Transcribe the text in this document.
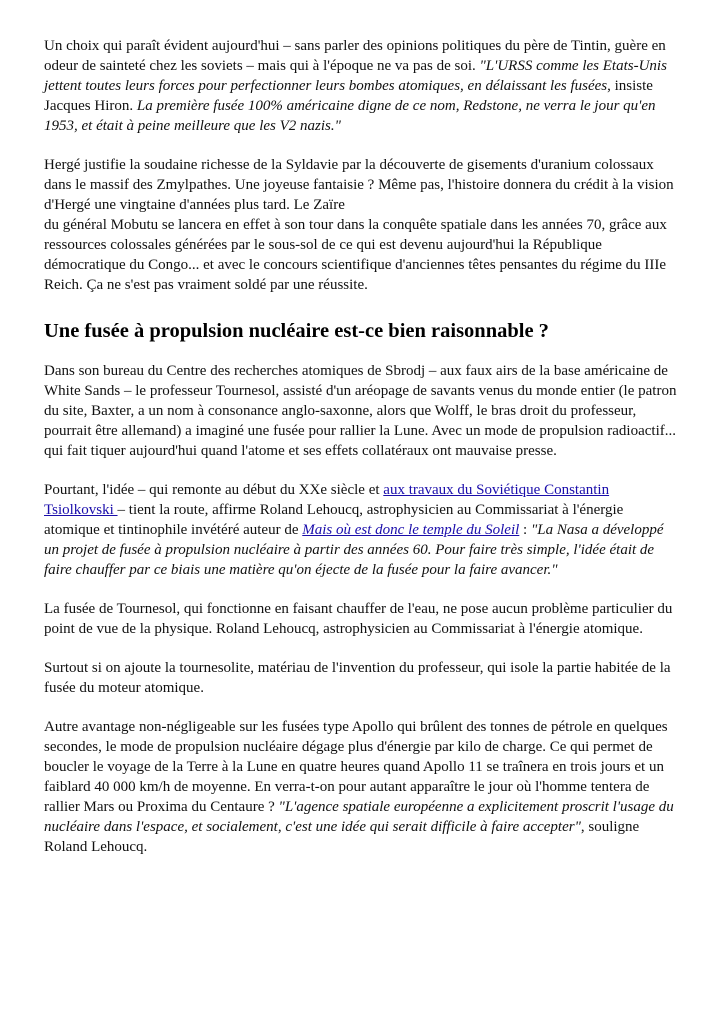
Un choix qui paraît évident aujourd'hui – sans parler des opinions politiques du père de Tintin, guère en odeur de sainteté chez les soviets – mais qui à l'époque ne va pas de soi. "L'URSS comme les Etats-Unis jettent toutes leurs forces pour perfectionner leurs bombes atomiques, en délaissant les fusées, insiste Jacques Hiron. La première fusée 100% américaine digne de ce nom, Redstone, ne verra le jour qu'en 1953, et était à peine meilleure que les V2 nazis."

Hergé justifie la soudaine richesse de la Syldavie par la découverte de gisements d'uranium colossaux dans le massif des Zmylpathes. Une joyeuse fantaisie ? Même pas, l'histoire donnera du crédit à la vision d'Hergé une vingtaine d'années plus tard. Le Zaïre
du général Mobutu se lancera en effet à son tour dans la conquête spatiale dans les années 70, grâce aux ressources colossales générées par le sous-sol de ce qui est devenu aujourd'hui la République démocratique du Congo... et avec le concours scientifique d'anciennes têtes pensantes du régime du IIIe Reich. Ça ne s'est pas vraiment soldé par une réussite.

Une fusée à propulsion nucléaire est-ce bien raisonnable ?

Dans son bureau du Centre des recherches atomiques de Sbrodj – aux faux airs de la base américaine de White Sands – le professeur Tournesol, assisté d'un aréopage de savants venus du monde entier (le patron du site, Baxter, a un nom à consonance anglo-saxonne, alors que Wolff, le bras droit du professeur, pourrait être allemand) a imaginé une fusée pour rallier la Lune. Avec un mode de propulsion radioactif... qui fait tiquer aujourd'hui quand l'atome et ses effets collatéraux ont mauvaise presse.

Pourtant, l'idée – qui remonte au début du XXe siècle et aux travaux du Soviétique Constantin Tsiolkovski – tient la route, affirme Roland Lehoucq, astrophysicien au Commissariat à l'énergie atomique et tintinophile invétéré auteur de Mais où est donc le temple du Soleil : "La Nasa a développé un projet de fusée à propulsion nucléaire à partir des années 60. Pour faire très simple, l'idée était de faire chauffer par ce biais une matière qu'on éjecte de la fusée pour la faire avancer."

La fusée de Tournesol, qui fonctionne en faisant chauffer de l'eau, ne pose aucun problème particulier du point de vue de la physique. Roland Lehoucq, astrophysicien au Commissariat à l'énergie atomique.

Surtout si on ajoute la tournesolite, matériau de l'invention du professeur, qui isole la partie habitée de la fusée du moteur atomique.

Autre avantage non-négligeable sur les fusées type Apollo qui brûlent des tonnes de pétrole en quelques secondes, le mode de propulsion nucléaire dégage plus d'énergie par kilo de charge. Ce qui permet de boucler le voyage de la Terre à la Lune en quatre heures quand Apollo 11 se traînera en trois jours et un faiblard 40 000 km/h de moyenne. En verra-t-on pour autant apparaître le jour où l'homme tentera de rallier Mars ou Proxima du Centaure ? "L'agence spatiale européenne a explicitement proscrit l'usage du nucléaire dans l'espace, et socialement, c'est une idée qui serait difficile à faire accepter", souligne Roland Lehoucq.
